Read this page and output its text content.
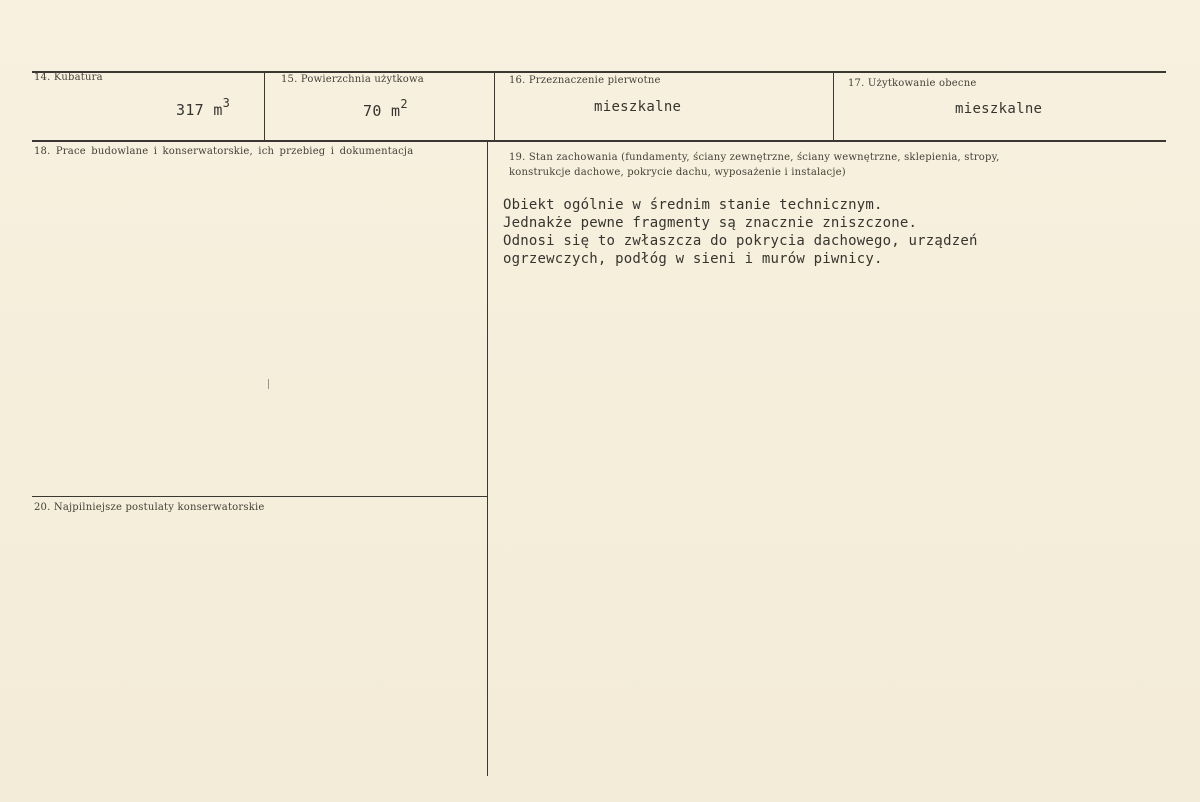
14. Kubatura
317 $m^3$
15. Powierzchnia użytkowa
70 $m^2$
16. Przeznaczenie pierwotne
mieszkalne
17. Użytkowanie obecne
mieszkalne
18. Prace budowlane i konserwatorskie, ich przebieg i dokumentacja
19. Stan zachowania (fundamenty, ściany zewnętrzne, ściany wewnętrzne, sklepienia, stropy,
konstrukcje dachowe, pokrycie dachu, wyposażenie i instalacje)
Obiekt ogólnie w średnim stanie technicznym.
Jednakże pewne fragmenty są znacznie zniszczone.
Odnosi się to zwłaszcza do pokrycia dachowego, urządzeń
ogrzewczych, podłóg w sieni i murów piwnicy.
20. Najpilniejsze postulaty konserwatorskie
